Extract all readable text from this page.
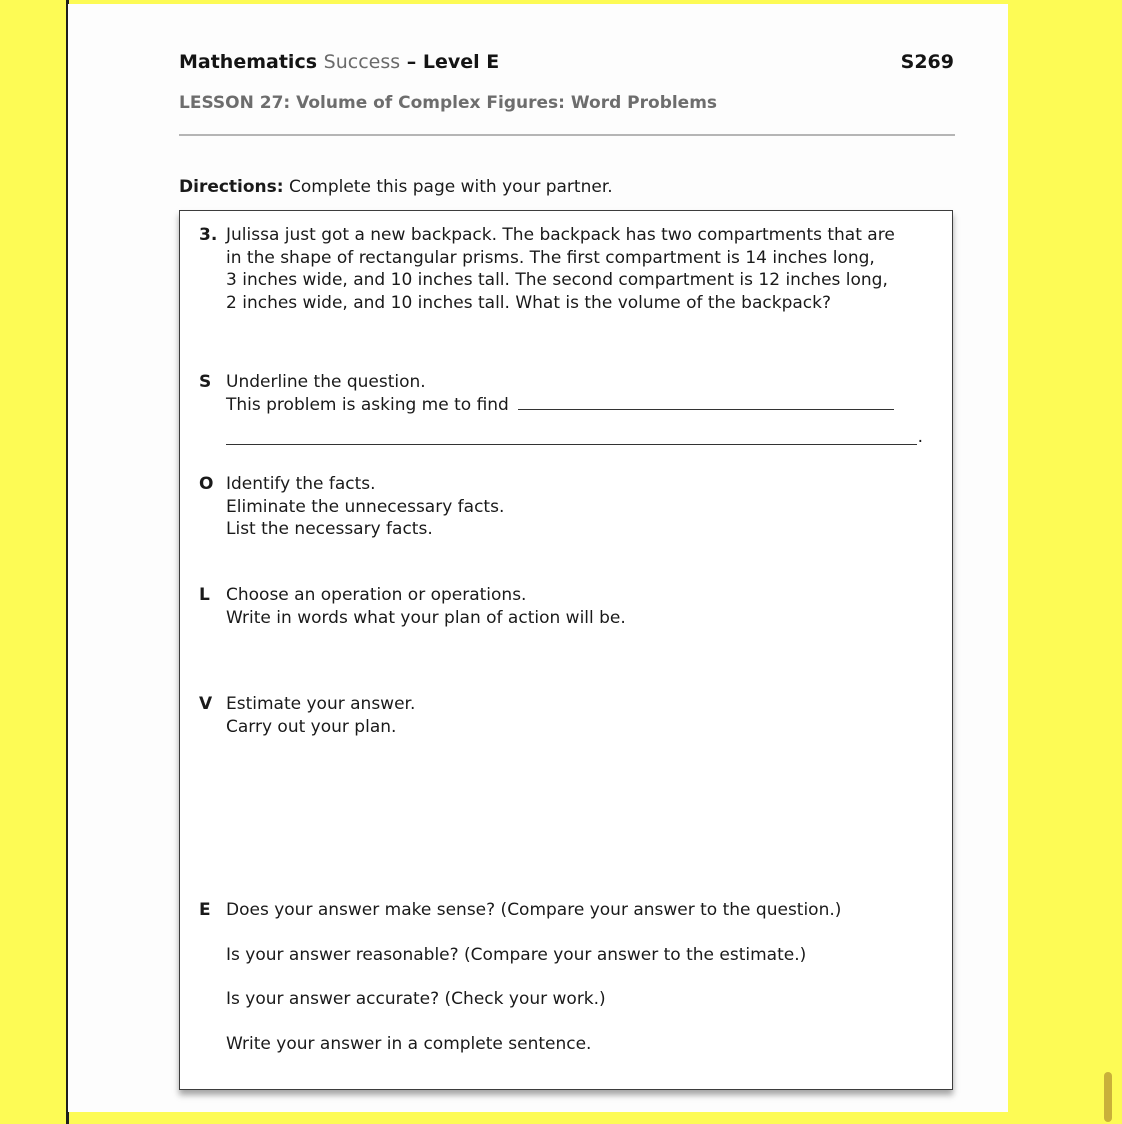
Mathematics Success – Level E	S269
LESSON 27: Volume of Complex Figures: Word Problems
Directions: Complete this page with your partner.
3. Julissa just got a new backpack. The backpack has two compartments that are
in the shape of rectangular prisms. The first compartment is 14 inches long,
3 inches wide, and 10 inches tall. The second compartment is 12 inches long,
2 inches wide, and 10 inches tall. What is the volume of the backpack?
S Underline the question.
This problem is asking me to find
.
O Identify the facts.
Eliminate the unnecessary facts.
List the necessary facts.
L Choose an operation or operations.
Write in words what your plan of action will be.
V Estimate your answer.
Carry out your plan.
E Does your answer make sense? (Compare your answer to the question.)
Is your answer reasonable? (Compare your answer to the estimate.)
Is your answer accurate? (Check your work.)
Write your answer in a complete sentence.
